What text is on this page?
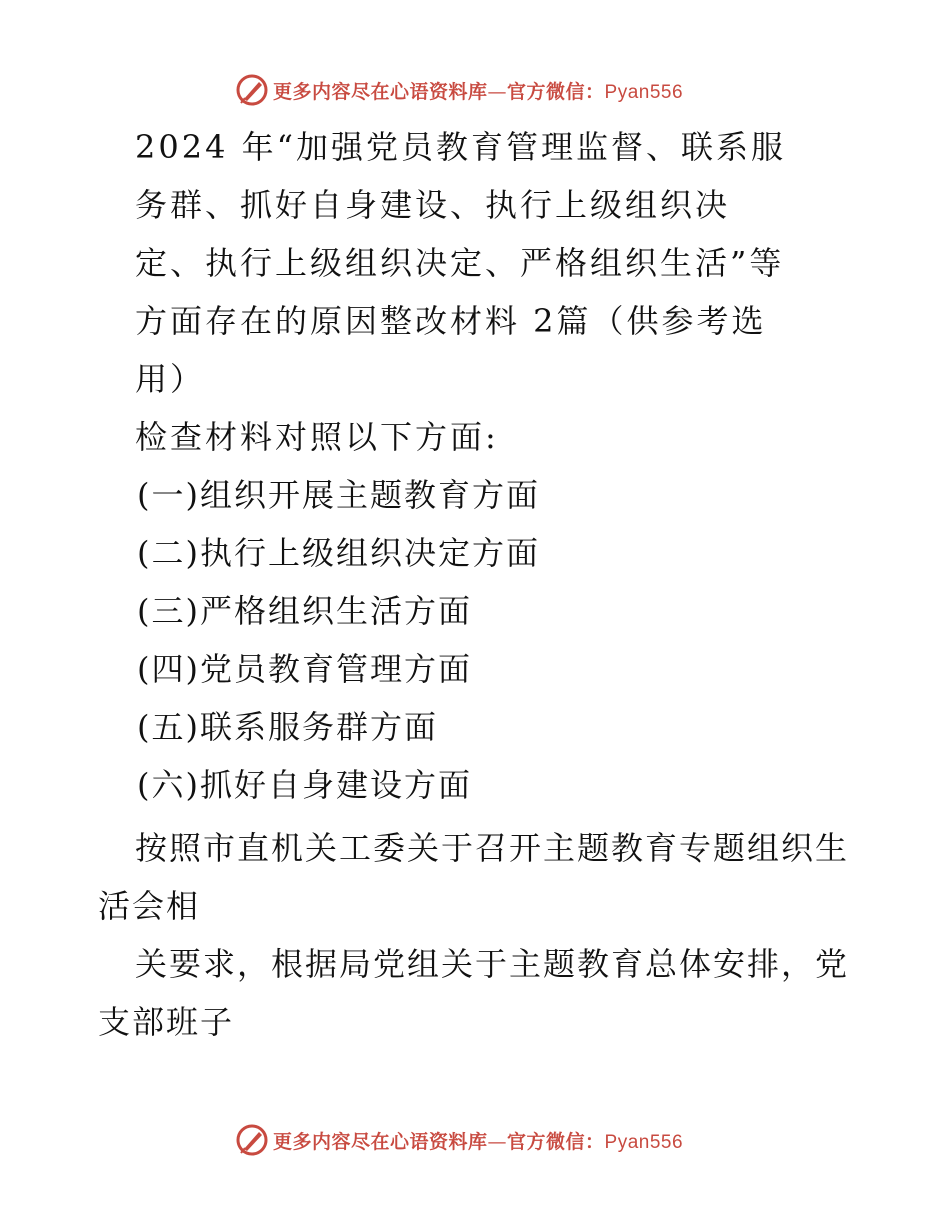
更多内容尽在心语资料库—官方微信：Pyan556
2024 年“加强党员教育管理监督、联系服
务群、抓好自身建设、执行上级组织决
定、执行上级组织决定、严格组织生活”等
方面存在的原因整改材料 2篇（供参考选
用）
检查材料对照以下方面:
(一)组织开展主题教育方面
(二)执行上级组织决定方面
(三)严格组织生活方面
(四)党员教育管理方面
(五)联系服务群方面
(六)抓好自身建设方面
按照市直机关工委关于召开主题教育专题组织生
活会相
关要求，根据局党组关于主题教育总体安排，党
支部班子
更多内容尽在心语资料库—官方微信：Pyan556
